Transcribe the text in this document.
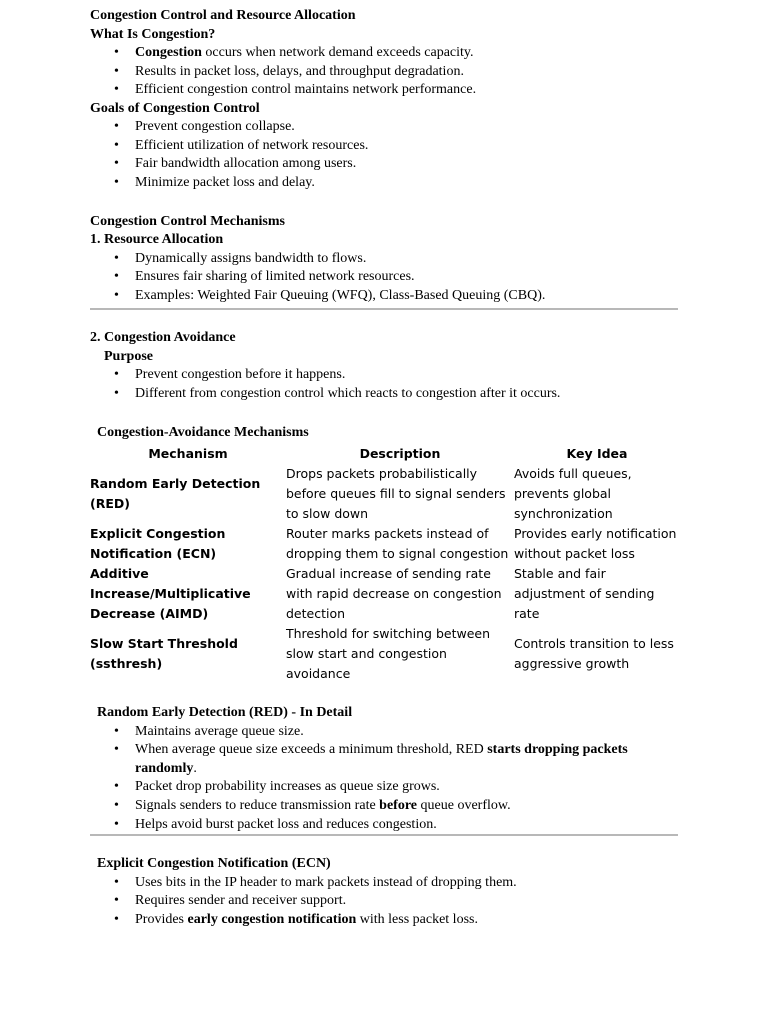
Congestion Control and Resource Allocation

What Is Congestion?

• Congestion occurs when network demand exceeds capacity.
• Results in packet loss, delays, and throughput degradation.
• Efficient congestion control maintains network performance.

Goals of Congestion Control

• Prevent congestion collapse.
• Efficient utilization of network resources.
• Fair bandwidth allocation among users.
• Minimize packet loss and delay.

Congestion Control Mechanisms

1. Resource Allocation

• Dynamically assigns bandwidth to flows.
• Ensures fair sharing of limited network resources.
• Examples: Weighted Fair Queuing (WFQ), Class-Based Queuing (CBQ).

2. Congestion Avoidance

Purpose

• Prevent congestion before it happens.
• Different from congestion control which reacts to congestion after it occurs.

Congestion-Avoidance Mechanisms

Mechanism	Description	Key Idea
Random Early Detection (RED)	Drops packets probabilistically before queues fill to signal senders to slow down	Avoids full queues, prevents global synchronization
Explicit Congestion Notification (ECN)	Router marks packets instead of dropping them to signal congestion	Provides early notification without packet loss
Additive Increase/Multiplicative Decrease (AIMD)	Gradual increase of sending rate with rapid decrease on congestion detection	Stable and fair adjustment of sending rate
Slow Start Threshold (ssthresh)	Threshold for switching between slow start and congestion avoidance	Controls transition to less aggressive growth

Random Early Detection (RED) - In Detail

• Maintains average queue size.
• When average queue size exceeds a minimum threshold, RED starts dropping packets randomly.
• Packet drop probability increases as queue size grows.
• Signals senders to reduce transmission rate before queue overflow.
• Helps avoid burst packet loss and reduces congestion.

Explicit Congestion Notification (ECN)

• Uses bits in the IP header to mark packets instead of dropping them.
• Requires sender and receiver support.
• Provides early congestion notification with less packet loss.
